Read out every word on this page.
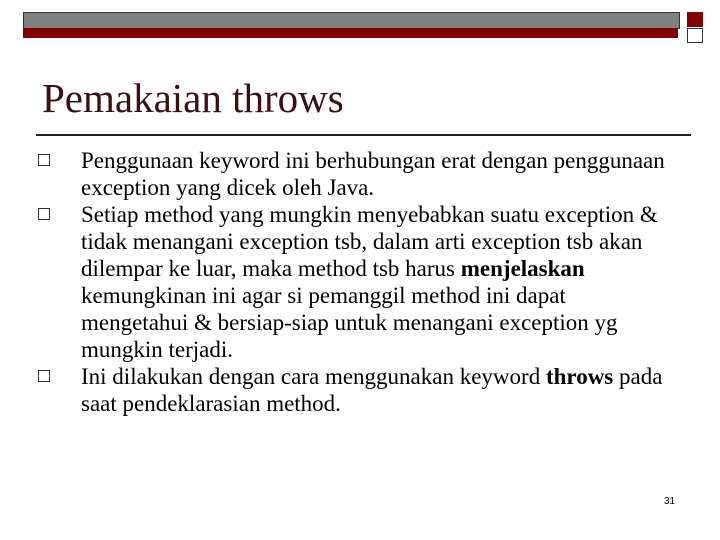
Pemakaian throws
Penggunaan keyword ini berhubungan erat dengan penggunaan exception yang dicek oleh Java.
Setiap method yang mungkin menyebabkan suatu exception & tidak menangani exception tsb, dalam arti exception tsb akan dilempar ke luar, maka method tsb harus menjelaskan kemungkinan ini agar si pemanggil method ini dapat mengetahui & bersiap-siap untuk menangani exception yg mungkin terjadi.
Ini dilakukan dengan cara menggunakan keyword throws pada saat pendeklarasian method.
31
